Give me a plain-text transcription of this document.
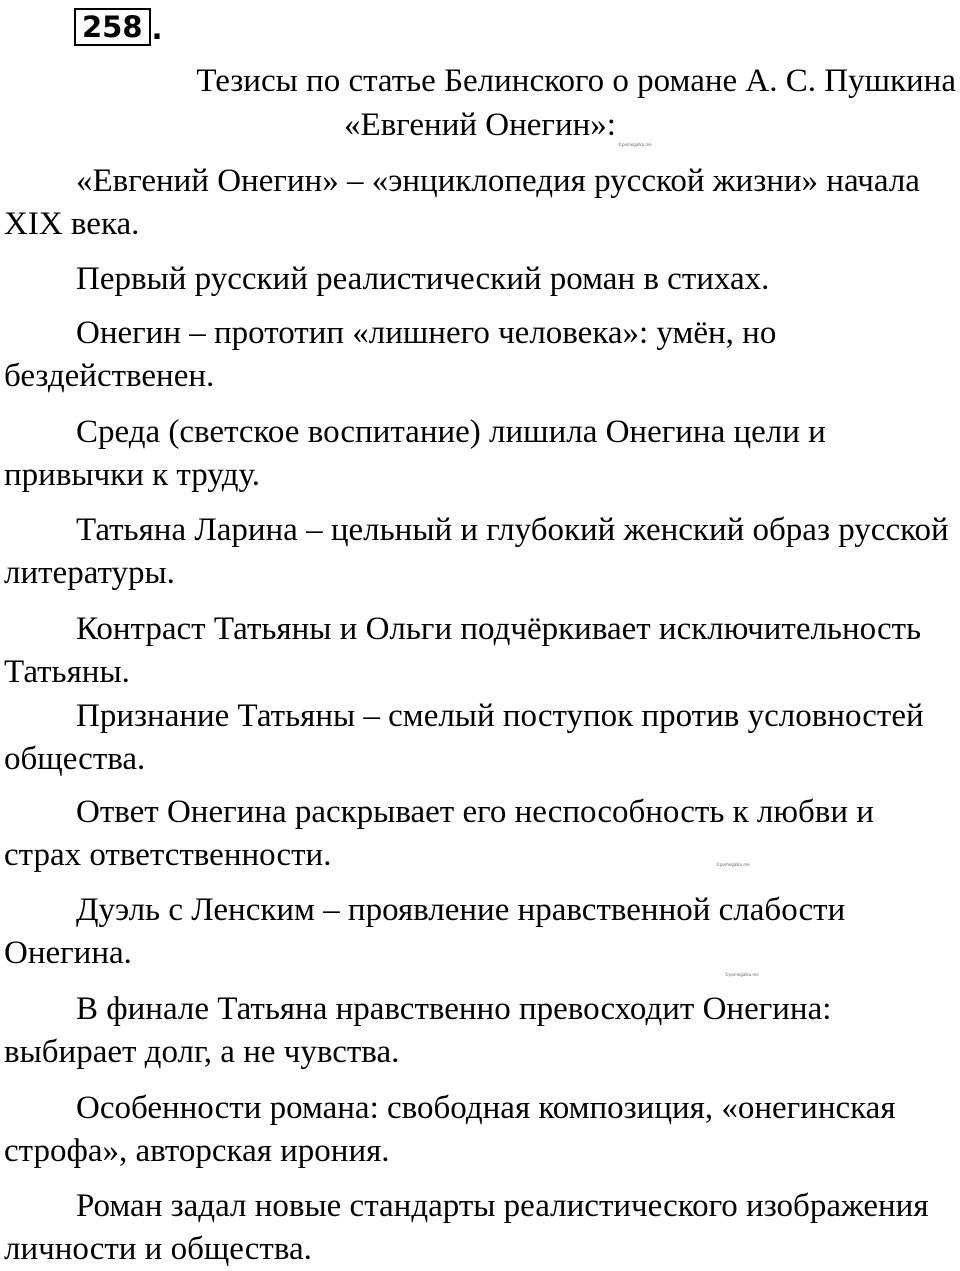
258 .
Тезисы по статье Белинского о романе А. С. Пушкина
«Евгений Онегин»:
©pomogalka.me

«Евгений Онегин» – «энциклопедия русской жизни» начала XIX века.

Первый русский реалистический роман в стихах.

Онегин – прототип «лишнего человека»: умён, но бездейственен.

Среда (светское воспитание) лишила Онегина цели и привычки к труду.

Татьяна Ларина – цельный и глубокий женский образ русской литературы.

Контраст Татьяны и Ольги подчёркивает исключительность Татьяны.

Признание Татьяны – смелый поступок против условностей общества.

Ответ Онегина раскрывает его неспособность к любви и страх ответственности.	©pomogalka.me

Дуэль с Ленским – проявление нравственной слабости Онегина.

©pomogalka.me

В финале Татьяна нравственно превосходит Онегина: выбирает долг, а не чувства.

Особенности романа: свободная композиция, «онегинская строфа», авторская ирония.

Роман задал новые стандарты реалистического изображения личности и общества.
